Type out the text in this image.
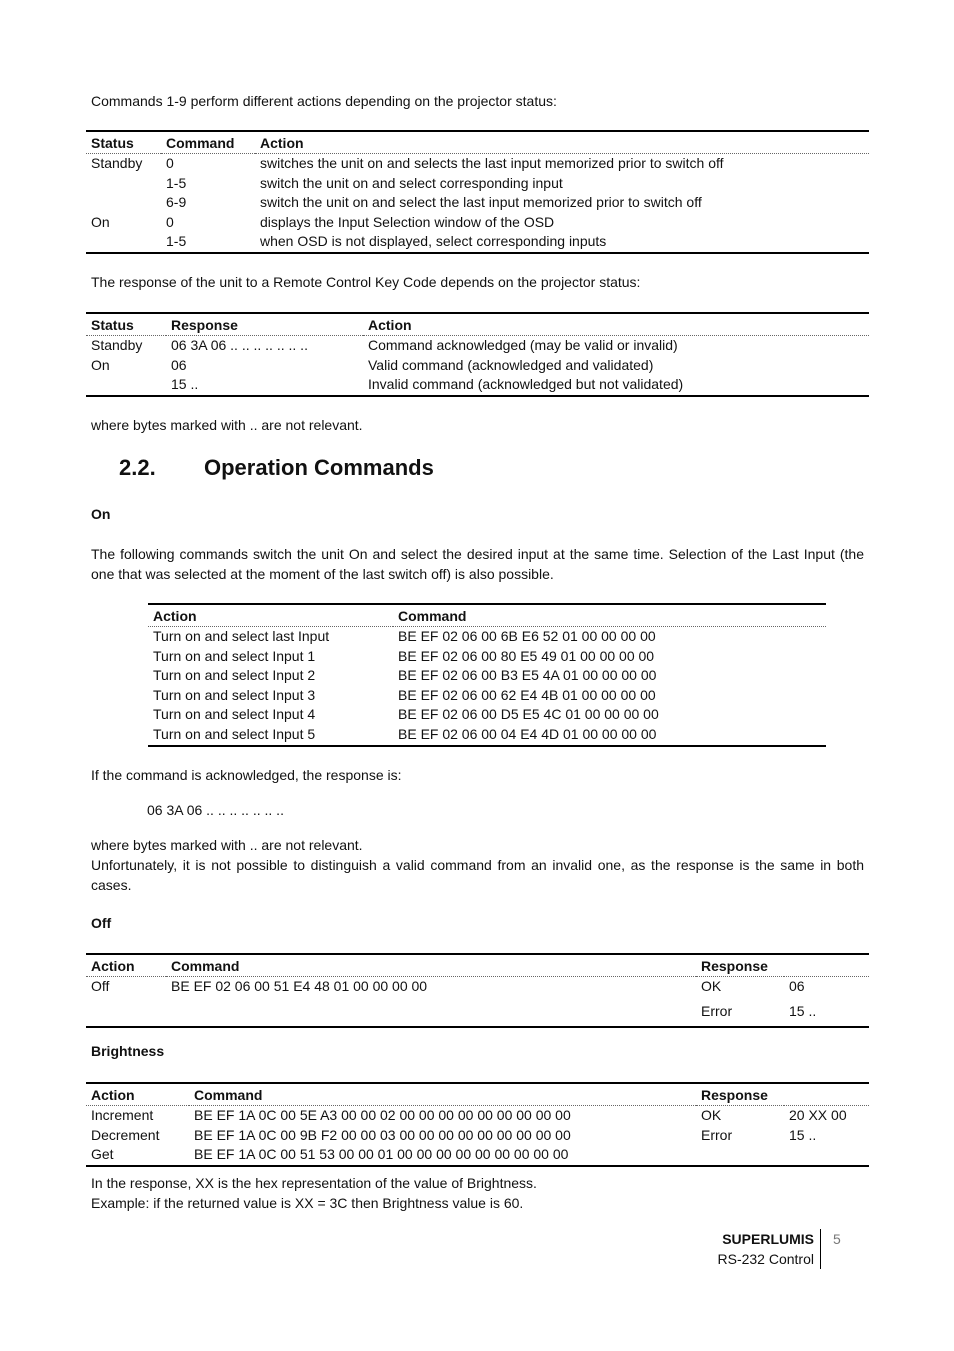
Commands 1-9 perform different actions depending on the projector status:
Status	Command	Action
Standby	0	switches the unit on and selects the last input memorized prior to switch off
	1-5	switch the unit on and select corresponding input
	6-9	switch the unit on and select the last input memorized prior to switch off
On	0	displays the Input Selection window of the OSD
	1-5	when OSD is not displayed, select corresponding inputs
The response of the unit to a Remote Control Key Code depends on the projector status:
Status	Response	Action
Standby	06 3A 06 .. .. .. .. .. .. ..	Command acknowledged (may be valid or invalid)
On	06	Valid command (acknowledged and validated)
	15 ..	Invalid command (acknowledged but not validated)
where bytes marked with .. are not relevant.
2.2. Operation Commands
On
The following commands switch the unit On and select the desired input at the same time. Selection of the Last Input (the one that was selected at the moment of the last switch off) is also possible.
Action	Command
Turn on and select last Input	BE EF 02 06 00 6B E6 52 01 00 00 00 00
Turn on and select Input 1	BE EF 02 06 00 80 E5 49 01 00 00 00 00
Turn on and select Input 2	BE EF 02 06 00 B3 E5 4A 01 00 00 00 00
Turn on and select Input 3	BE EF 02 06 00 62 E4 4B 01 00 00 00 00
Turn on and select Input 4	BE EF 02 06 00 D5 E5 4C 01 00 00 00 00
Turn on and select Input 5	BE EF 02 06 00 04 E4 4D 01 00 00 00 00
If the command is acknowledged, the response is:
06 3A 06 .. .. .. .. .. .. ..
where bytes marked with .. are not relevant.
Unfortunately, it is not possible to distinguish a valid command from an invalid one, as the response is the same in both cases.
Off
Action	Command	Response	
Off	BE EF 02 06 00 51 E4 48 01 00 00 00 00	OK	06
		Error	15 ..
Brightness
Action	Command	Response	
Increment	BE EF 1A 0C 00 5E A3 00 00 02 00 00 00 00 00 00 00 00 00	OK	20 XX 00
Decrement	BE EF 1A 0C 00 9B F2 00 00 03 00 00 00 00 00 00 00 00 00	Error	15 ..
Get	BE EF 1A 0C 00 51 53 00 00 01 00 00 00 00 00 00 00 00 00		
In the response, XX is the hex representation of the value of Brightness.
Example: if the returned value is XX = 3C then Brightness value is 60.
SUPERLUMIS
RS-232 Control
5
